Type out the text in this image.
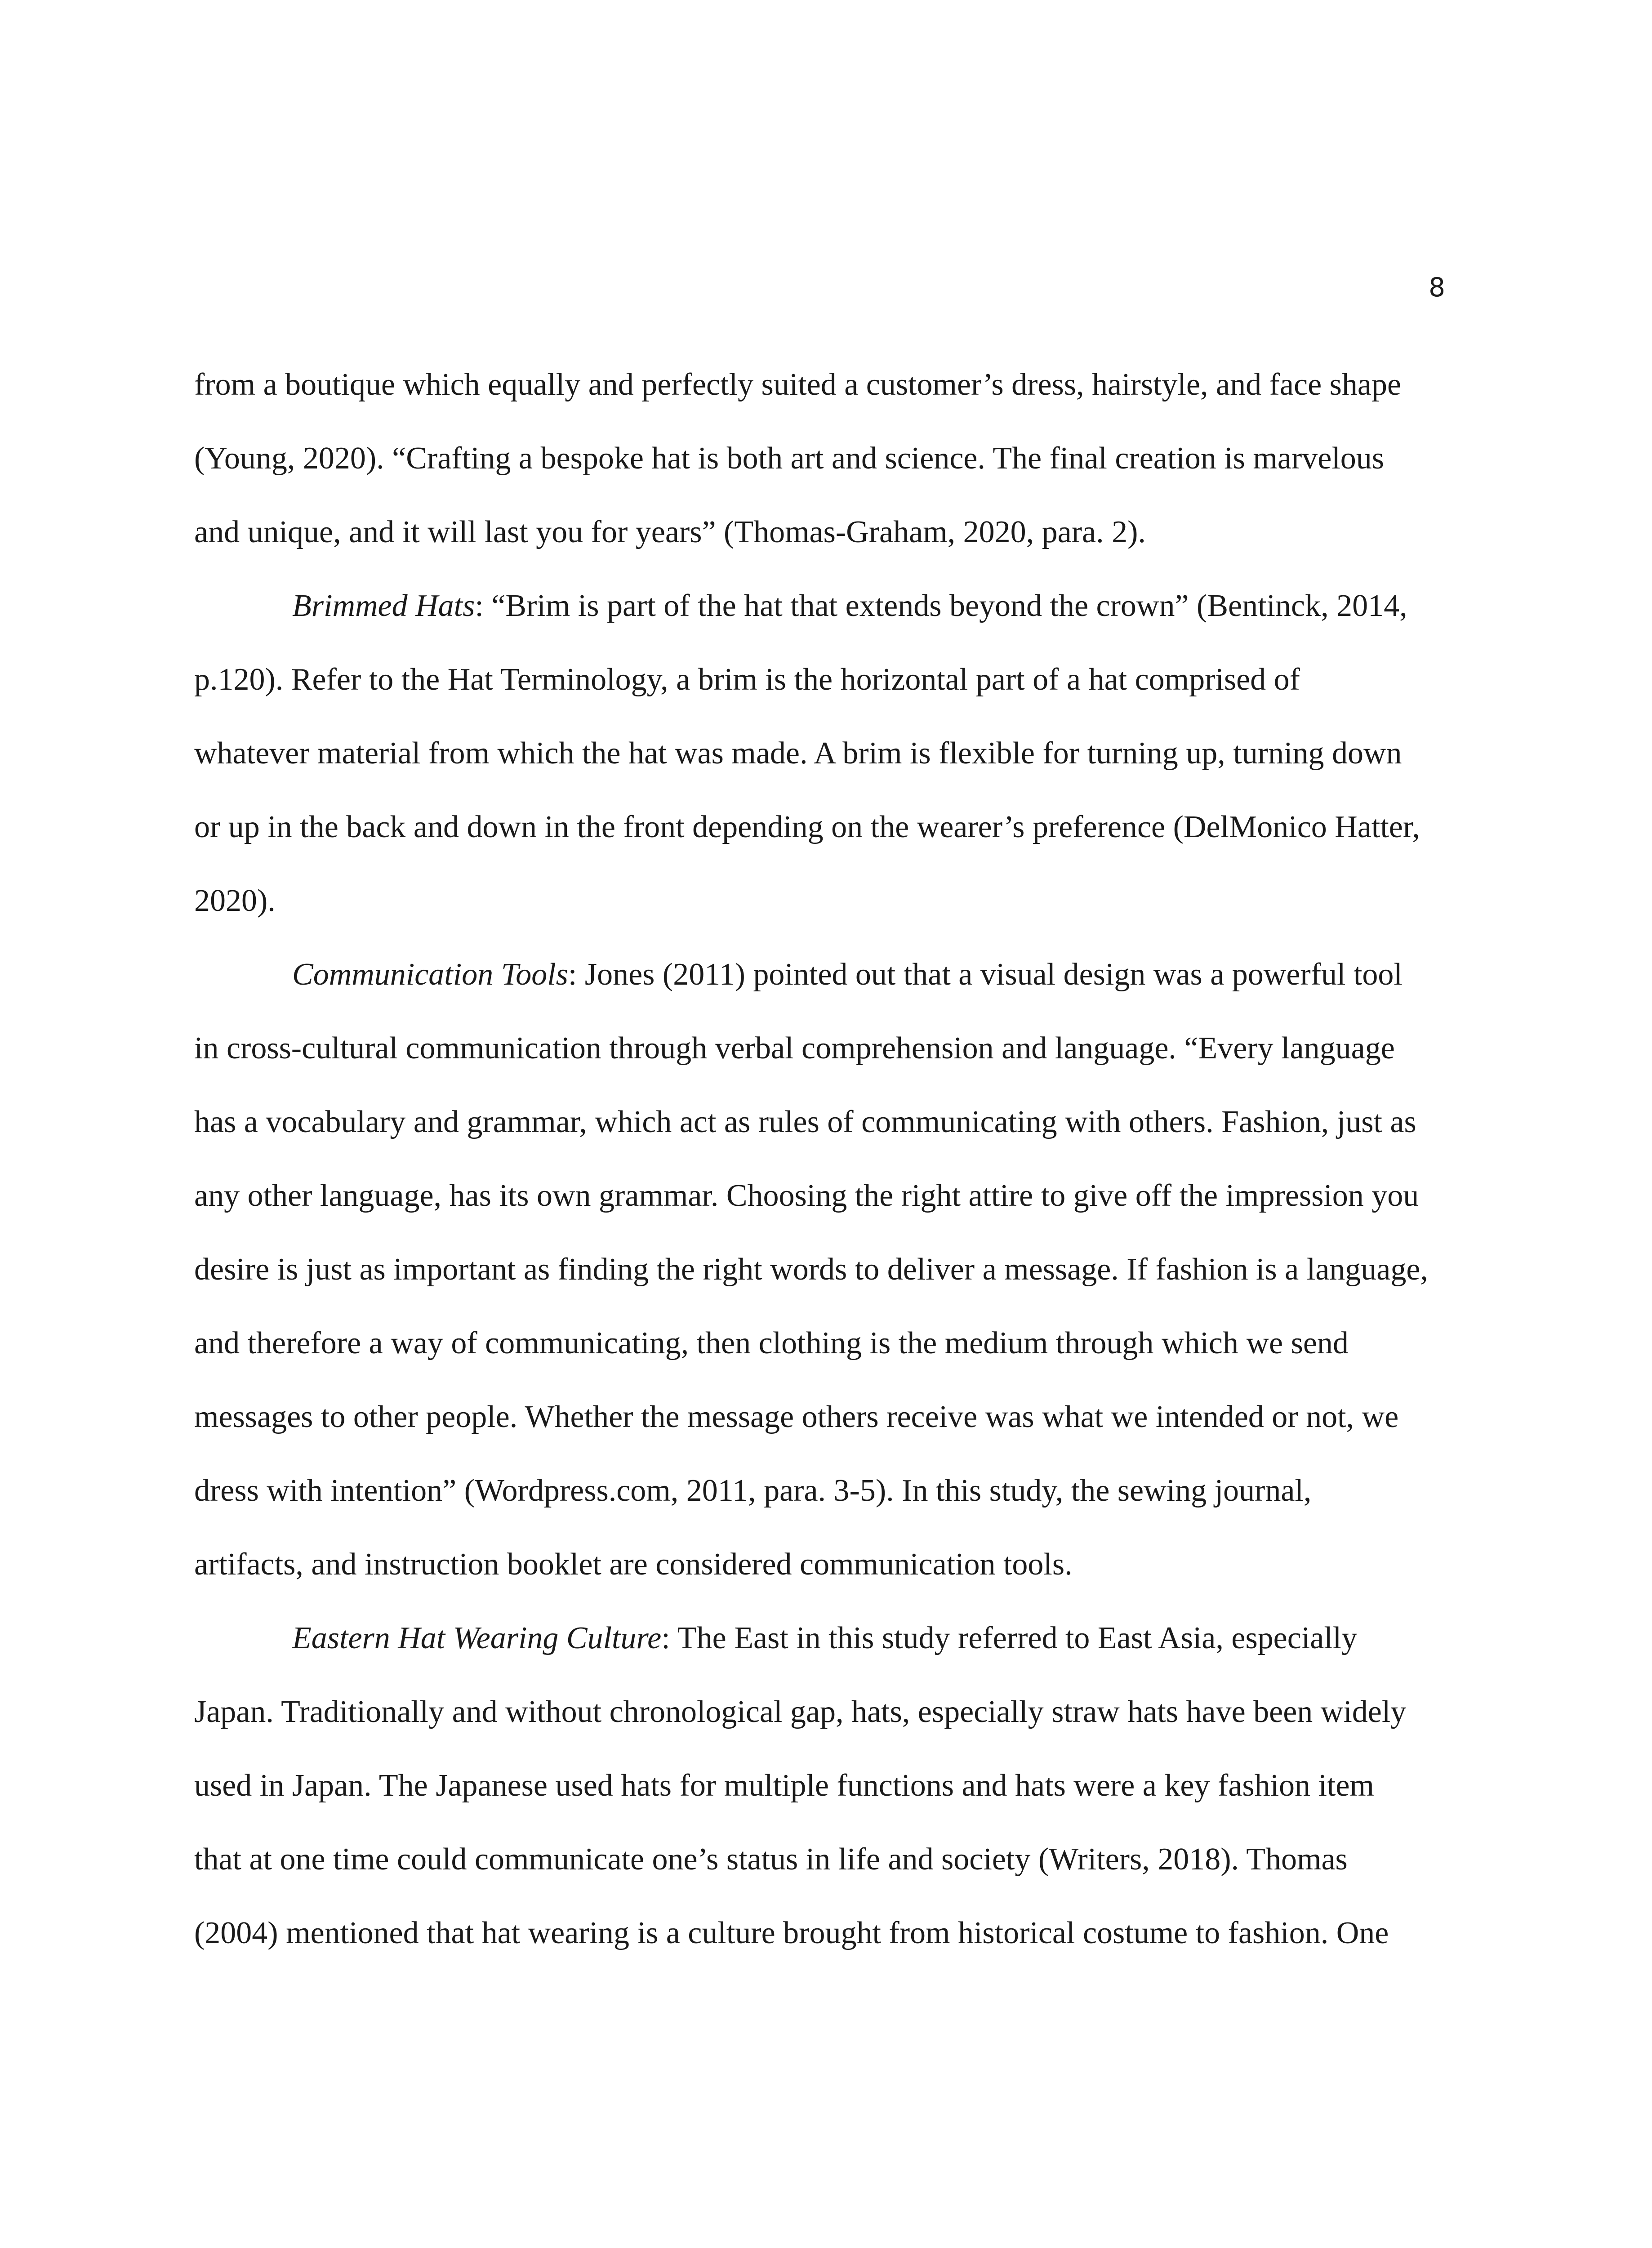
8
from a boutique which equally and perfectly suited a customer’s dress, hairstyle, and face shape
(Young, 2020). “Crafting a bespoke hat is both art and science. The final creation is marvelous
and unique, and it will last you for years” (Thomas-Graham, 2020, para. 2).
Brimmed Hats: “Brim is part of the hat that extends beyond the crown” (Bentinck, 2014,
p.120). Refer to the Hat Terminology, a brim is the horizontal part of a hat comprised of
whatever material from which the hat was made. A brim is flexible for turning up, turning down
or up in the back and down in the front depending on the wearer’s preference (DelMonico Hatter,
2020).
Communication Tools: Jones (2011) pointed out that a visual design was a powerful tool
in cross-cultural communication through verbal comprehension and language. “Every language
has a vocabulary and grammar, which act as rules of communicating with others. Fashion, just as
any other language, has its own grammar. Choosing the right attire to give off the impression you
desire is just as important as finding the right words to deliver a message. If fashion is a language,
and therefore a way of communicating, then clothing is the medium through which we send
messages to other people. Whether the message others receive was what we intended or not, we
dress with intention” (Wordpress.com, 2011, para. 3-5). In this study, the sewing journal,
artifacts, and instruction booklet are considered communication tools.
Eastern Hat Wearing Culture: The East in this study referred to East Asia, especially
Japan. Traditionally and without chronological gap, hats, especially straw hats have been widely
used in Japan. The Japanese used hats for multiple functions and hats were a key fashion item
that at one time could communicate one’s status in life and society (Writers, 2018). Thomas
(2004) mentioned that hat wearing is a culture brought from historical costume to fashion. One
